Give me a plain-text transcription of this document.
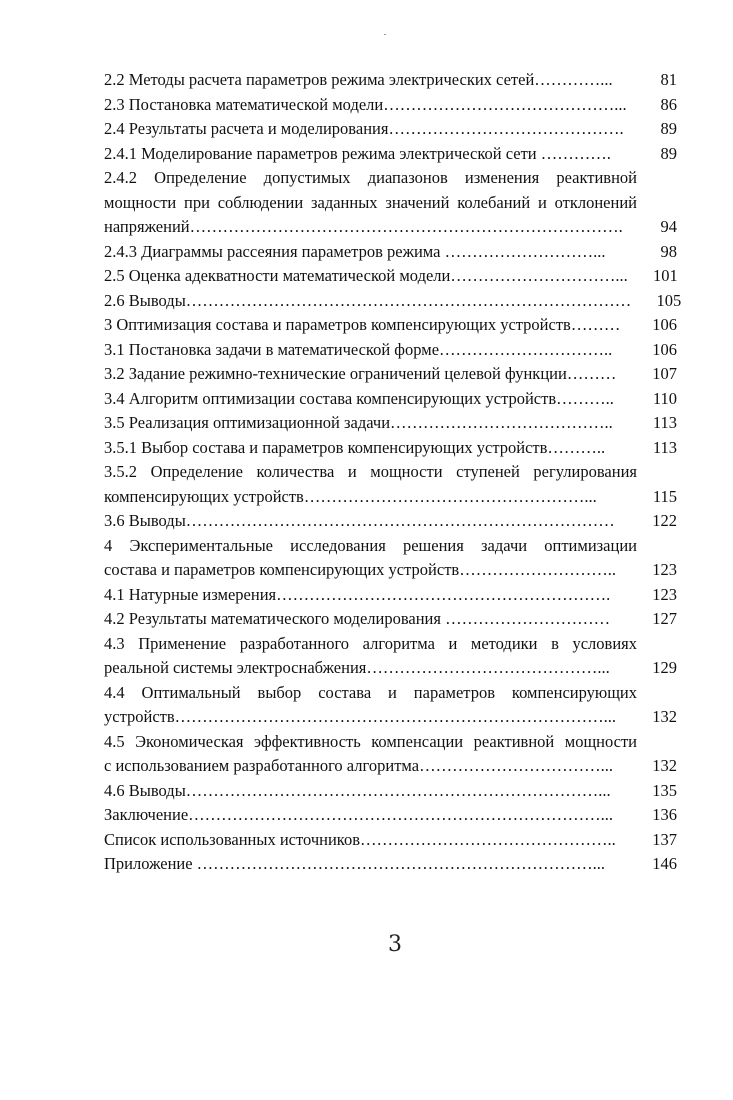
2.2 Методы расчета параметров режима электрических сетей…………...	81
2.3 Постановка математической модели……………………………………...	86
2.4 Результаты расчета и моделирования…………………………………….	89
2.4.1 Моделирование параметров режима электрической сети ………….	89
2.4.2 Определение допустимых диапазонов изменения реактивной
мощности при соблюдении заданных значений колебаний и отклонений
напряжений…………………………………………………………………….	94
2.4.3 Диаграммы рассеяния параметров режима ………………………...	98
2.5 Оценка адекватности математической модели…………………………...	101
2.6 Выводы………………………………………………………………………	105
3 Оптимизация состава и параметров компенсирующих устройств………	106
3.1 Постановка задачи в математической форме…………………………..	106
3.2 Задание режимно-технические ограничений целевой функции………	107
3.4 Алгоритм оптимизации состава компенсирующих устройств………..	110
3.5 Реализация оптимизационной задачи…………………………………..	113
3.5.1 Выбор состава и параметров компенсирующих устройств………..	113
3.5.2 Определение количества и мощности ступеней регулирования
компенсирующих устройств……………………………………………...	115
3.6 Выводы……………………………………………………………………	122
4 Экспериментальные исследования решения задачи оптимизации
состава и параметров компенсирующих устройств………………………..	123
4.1 Натурные измерения…………………………………………………….	123
4.2 Результаты математического моделирования …………………………	127
4.3 Применение разработанного алгоритма и методики в условиях
реальной системы электроснабжения……………………………………...	129
4.4 Оптимальный выбор состава и параметров компенсирующих
устройств……………………………………………………………………...	132
4.5 Экономическая эффективность компенсации реактивной мощности
с использованием разработанного алгоритма……………………………...	132
4.6 Выводы…………………………………………………………………...	135
Заключение…………………………………………………………………...	136
Список использованных источников………………………………………..	137
Приложение ………………………………………………………………...	146
3
